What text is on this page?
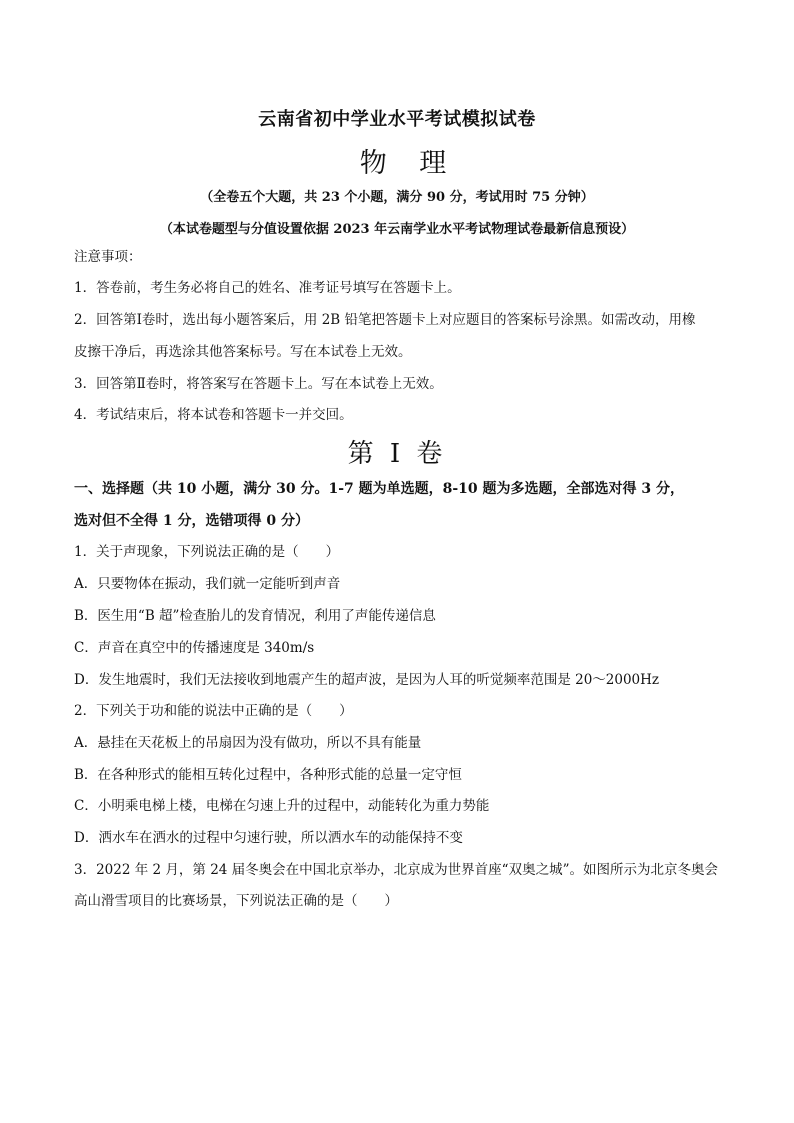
云南省初中学业水平考试模拟试卷
物 理
（全卷五个大题，共 23 个小题，满分 90 分，考试用时 75 分钟）
（本试卷题型与分值设置依据 2023 年云南学业水平考试物理试卷最新信息预设）
注意事项：
1．答卷前，考生务必将自己的姓名、准考证号填写在答题卡上。
2．回答第Ⅰ卷时，选出每小题答案后，用 2B 铅笔把答题卡上对应题目的答案标号涂黑。如需改动，用橡
皮擦干净后，再选涂其他答案标号。写在本试卷上无效。
3．回答第Ⅱ卷时，将答案写在答题卡上。写在本试卷上无效。
4．考试结束后，将本试卷和答题卡一并交回。
第 I 卷
一、选择题（共 10 小题，满分 30 分。1-7 题为单选题，8-10 题为多选题，全部选对得 3 分，
选对但不全得 1 分，选错项得 0 分）
1．关于声现象，下列说法正确的是（　　）
A．只要物体在振动，我们就一定能听到声音
B．医生用“B 超”检查胎儿的发育情况，利用了声能传递信息
C．声音在真空中的传播速度是 340m/s
D．发生地震时，我们无法接收到地震产生的超声波，是因为人耳的听觉频率范围是 20～2000Hz
2．下列关于功和能的说法中正确的是（　　）
A．悬挂在天花板上的吊扇因为没有做功，所以不具有能量
B．在各种形式的能相互转化过程中，各种形式能的总量一定守恒
C．小明乘电梯上楼，电梯在匀速上升的过程中，动能转化为重力势能
D．洒水车在洒水的过程中匀速行驶，所以洒水车的动能保持不变
3．2022 年 2 月，第 24 届冬奥会在中国北京举办，北京成为世界首座“双奥之城”。如图所示为北京冬奥会
高山滑雪项目的比赛场景，下列说法正确的是（　　）
